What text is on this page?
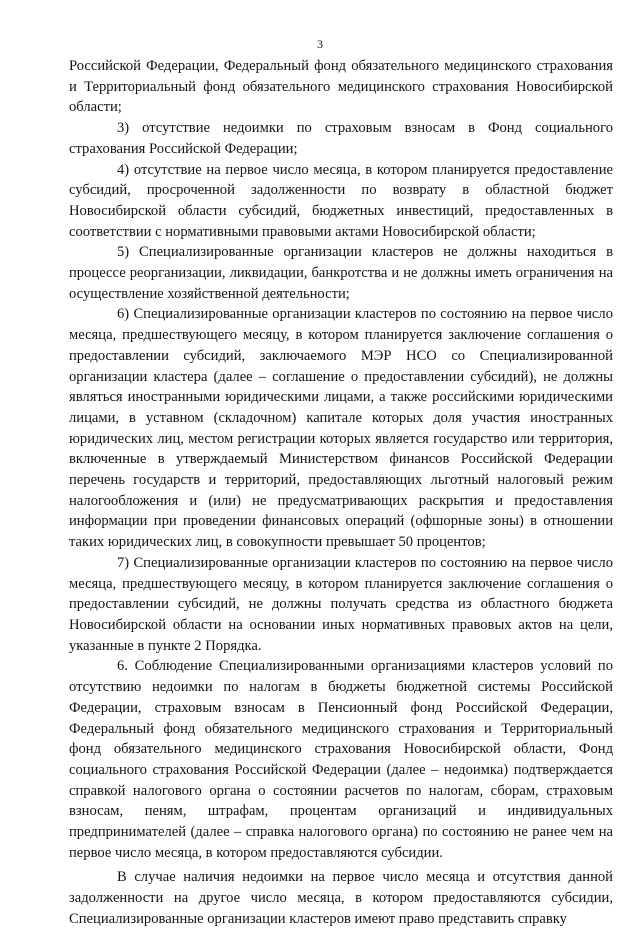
3

Российской Федерации, Федеральный фонд обязательного медицинского страхования и Территориальный фонд обязательного медицинского страхования Новосибирской области;

3) отсутствие недоимки по страховым взносам в Фонд социального страхования Российской Федерации;

4) отсутствие на первое число месяца, в котором планируется предоставление субсидий, просроченной задолженности по возврату в областной бюджет Новосибирской области субсидий, бюджетных инвестиций, предоставленных в соответствии с нормативными правовыми актами Новосибирской области;

5) Специализированные организации кластеров не должны находиться в процессе реорганизации, ликвидации, банкротства и не должны иметь ограничения на осуществление хозяйственной деятельности;

6) Специализированные организации кластеров по состоянию на первое число месяца, предшествующего месяцу, в котором планируется заключение соглашения о предоставлении субсидий, заключаемого МЭР НСО со Специализированной организации кластера (далее – соглашение о предоставлении субсидий), не должны являться иностранными юридическими лицами, а также российскими юридическими лицами, в уставном (складочном) капитале которых доля участия иностранных юридических лиц, местом регистрации которых является государство или территория, включенные в утверждаемый Министерством финансов Российской Федерации перечень государств и территорий, предоставляющих льготный налоговый режим налогообложения и (или) не предусматривающих раскрытия и предоставления информации при проведении финансовых операций (офшорные зоны) в отношении таких юридических лиц, в совокупности превышает 50 процентов;

7) Специализированные организации кластеров по состоянию на первое число месяца, предшествующего месяцу, в котором планируется заключение соглашения о предоставлении субсидий, не должны получать средства из областного бюджета Новосибирской области на основании иных нормативных правовых актов на цели, указанные в пункте 2 Порядка.

6. Соблюдение Специализированными организациями кластеров условий по отсутствию недоимки по налогам в бюджеты бюджетной системы Российской Федерации, страховым взносам в Пенсионный фонд Российской Федерации, Федеральный фонд обязательного медицинского страхования и Территориальный фонд обязательного медицинского страхования Новосибирской области, Фонд социального страхования Российской Федерации (далее – недоимка) подтверждается справкой налогового органа о состоянии расчетов по налогам, сборам, страховым взносам, пеням, штрафам, процентам организаций и индивидуальных предпринимателей (далее – справка налогового органа) по состоянию не ранее чем на первое число месяца, в котором предоставляются субсидии.

В случае наличия недоимки на первое число месяца и отсутствия данной задолженности на другое число месяца, в котором предоставляются субсидии, Специализированные организации кластеров имеют право представить справку
